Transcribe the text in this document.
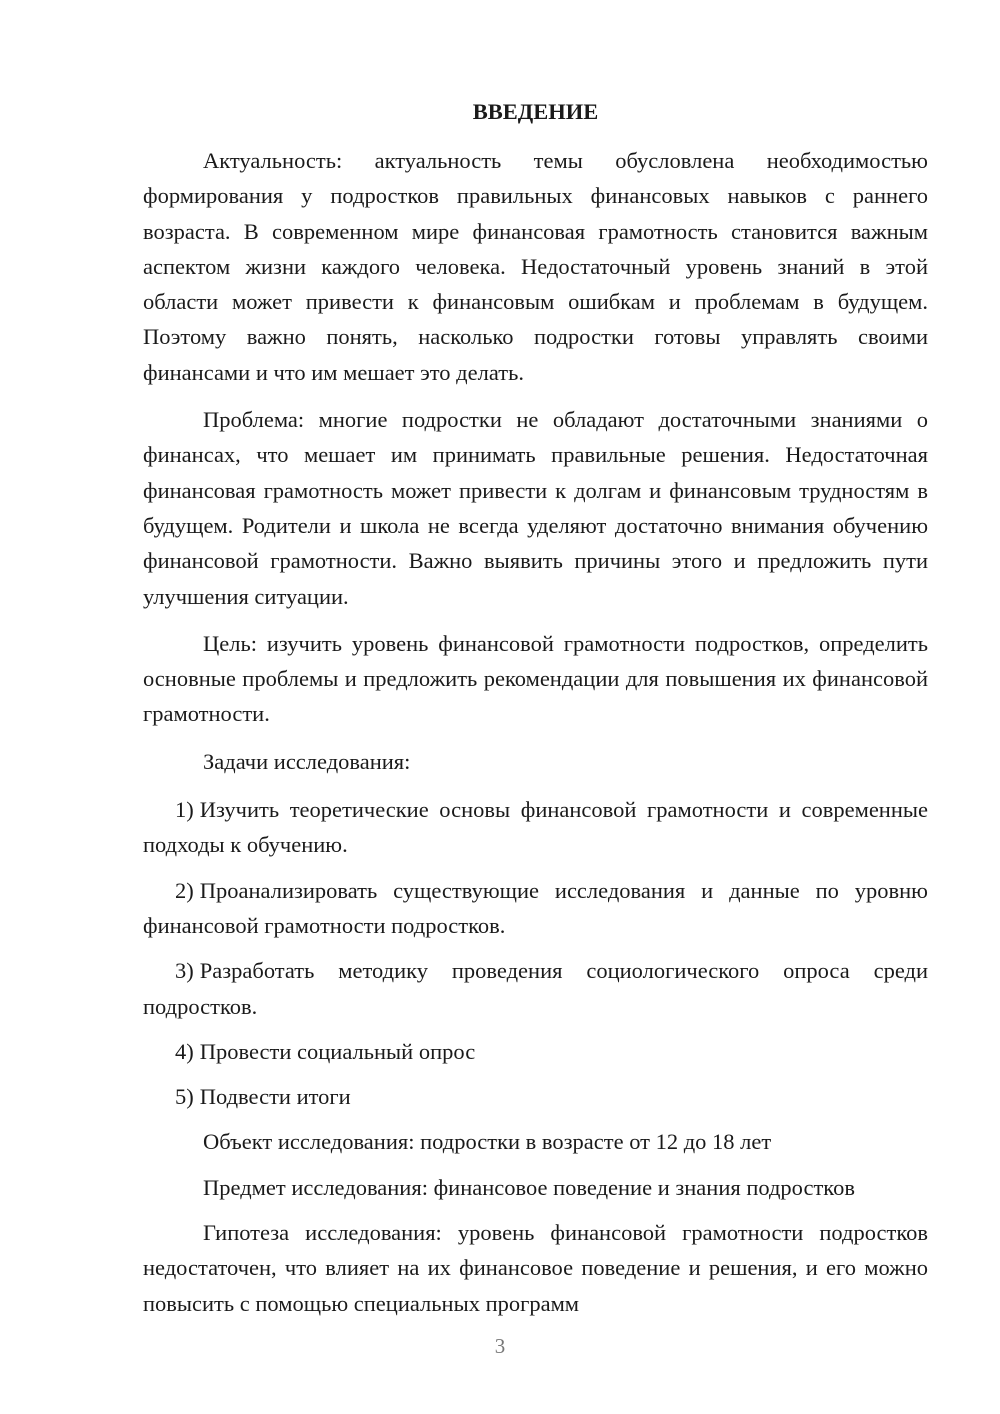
ВВЕДЕНИЕ

Актуальность: актуальность темы обусловлена необходимостью формирования у подростков правильных финансовых навыков с раннего возраста. В современном мире финансовая грамотность становится важным аспектом жизни каждого человека. Недостаточный уровень знаний в этой области может привести к финансовым ошибкам и проблемам в будущем. Поэтому важно понять, насколько подростки готовы управлять своими финансами и что им мешает это делать.

Проблема: многие подростки не обладают достаточными знаниями о финансах, что мешает им принимать правильные решения. Недостаточная финансовая грамотность может привести к долгам и финансовым трудностям в будущем. Родители и школа не всегда уделяют достаточно внимания обучению финансовой грамотности. Важно выявить причины этого и предложить пути улучшения ситуации.

Цель: изучить уровень финансовой грамотности подростков, определить основные проблемы и предложить рекомендации для повышения их финансовой грамотности.

Задачи исследования:

1) Изучить теоретические основы финансовой грамотности и современные подходы к обучению.

2) Проанализировать существующие исследования и данные по уровню финансовой грамотности подростков.

3) Разработать методику проведения социологического опроса среди подростков.

4) Провести социальный опрос

5) Подвести итоги

Объект исследования: подростки в возрасте от 12 до 18 лет

Предмет исследования: финансовое поведение и знания подростков

Гипотеза исследования: уровень финансовой грамотности подростков недостаточен, что влияет на их финансовое поведение и решения, и его можно повысить с помощью специальных программ

3
